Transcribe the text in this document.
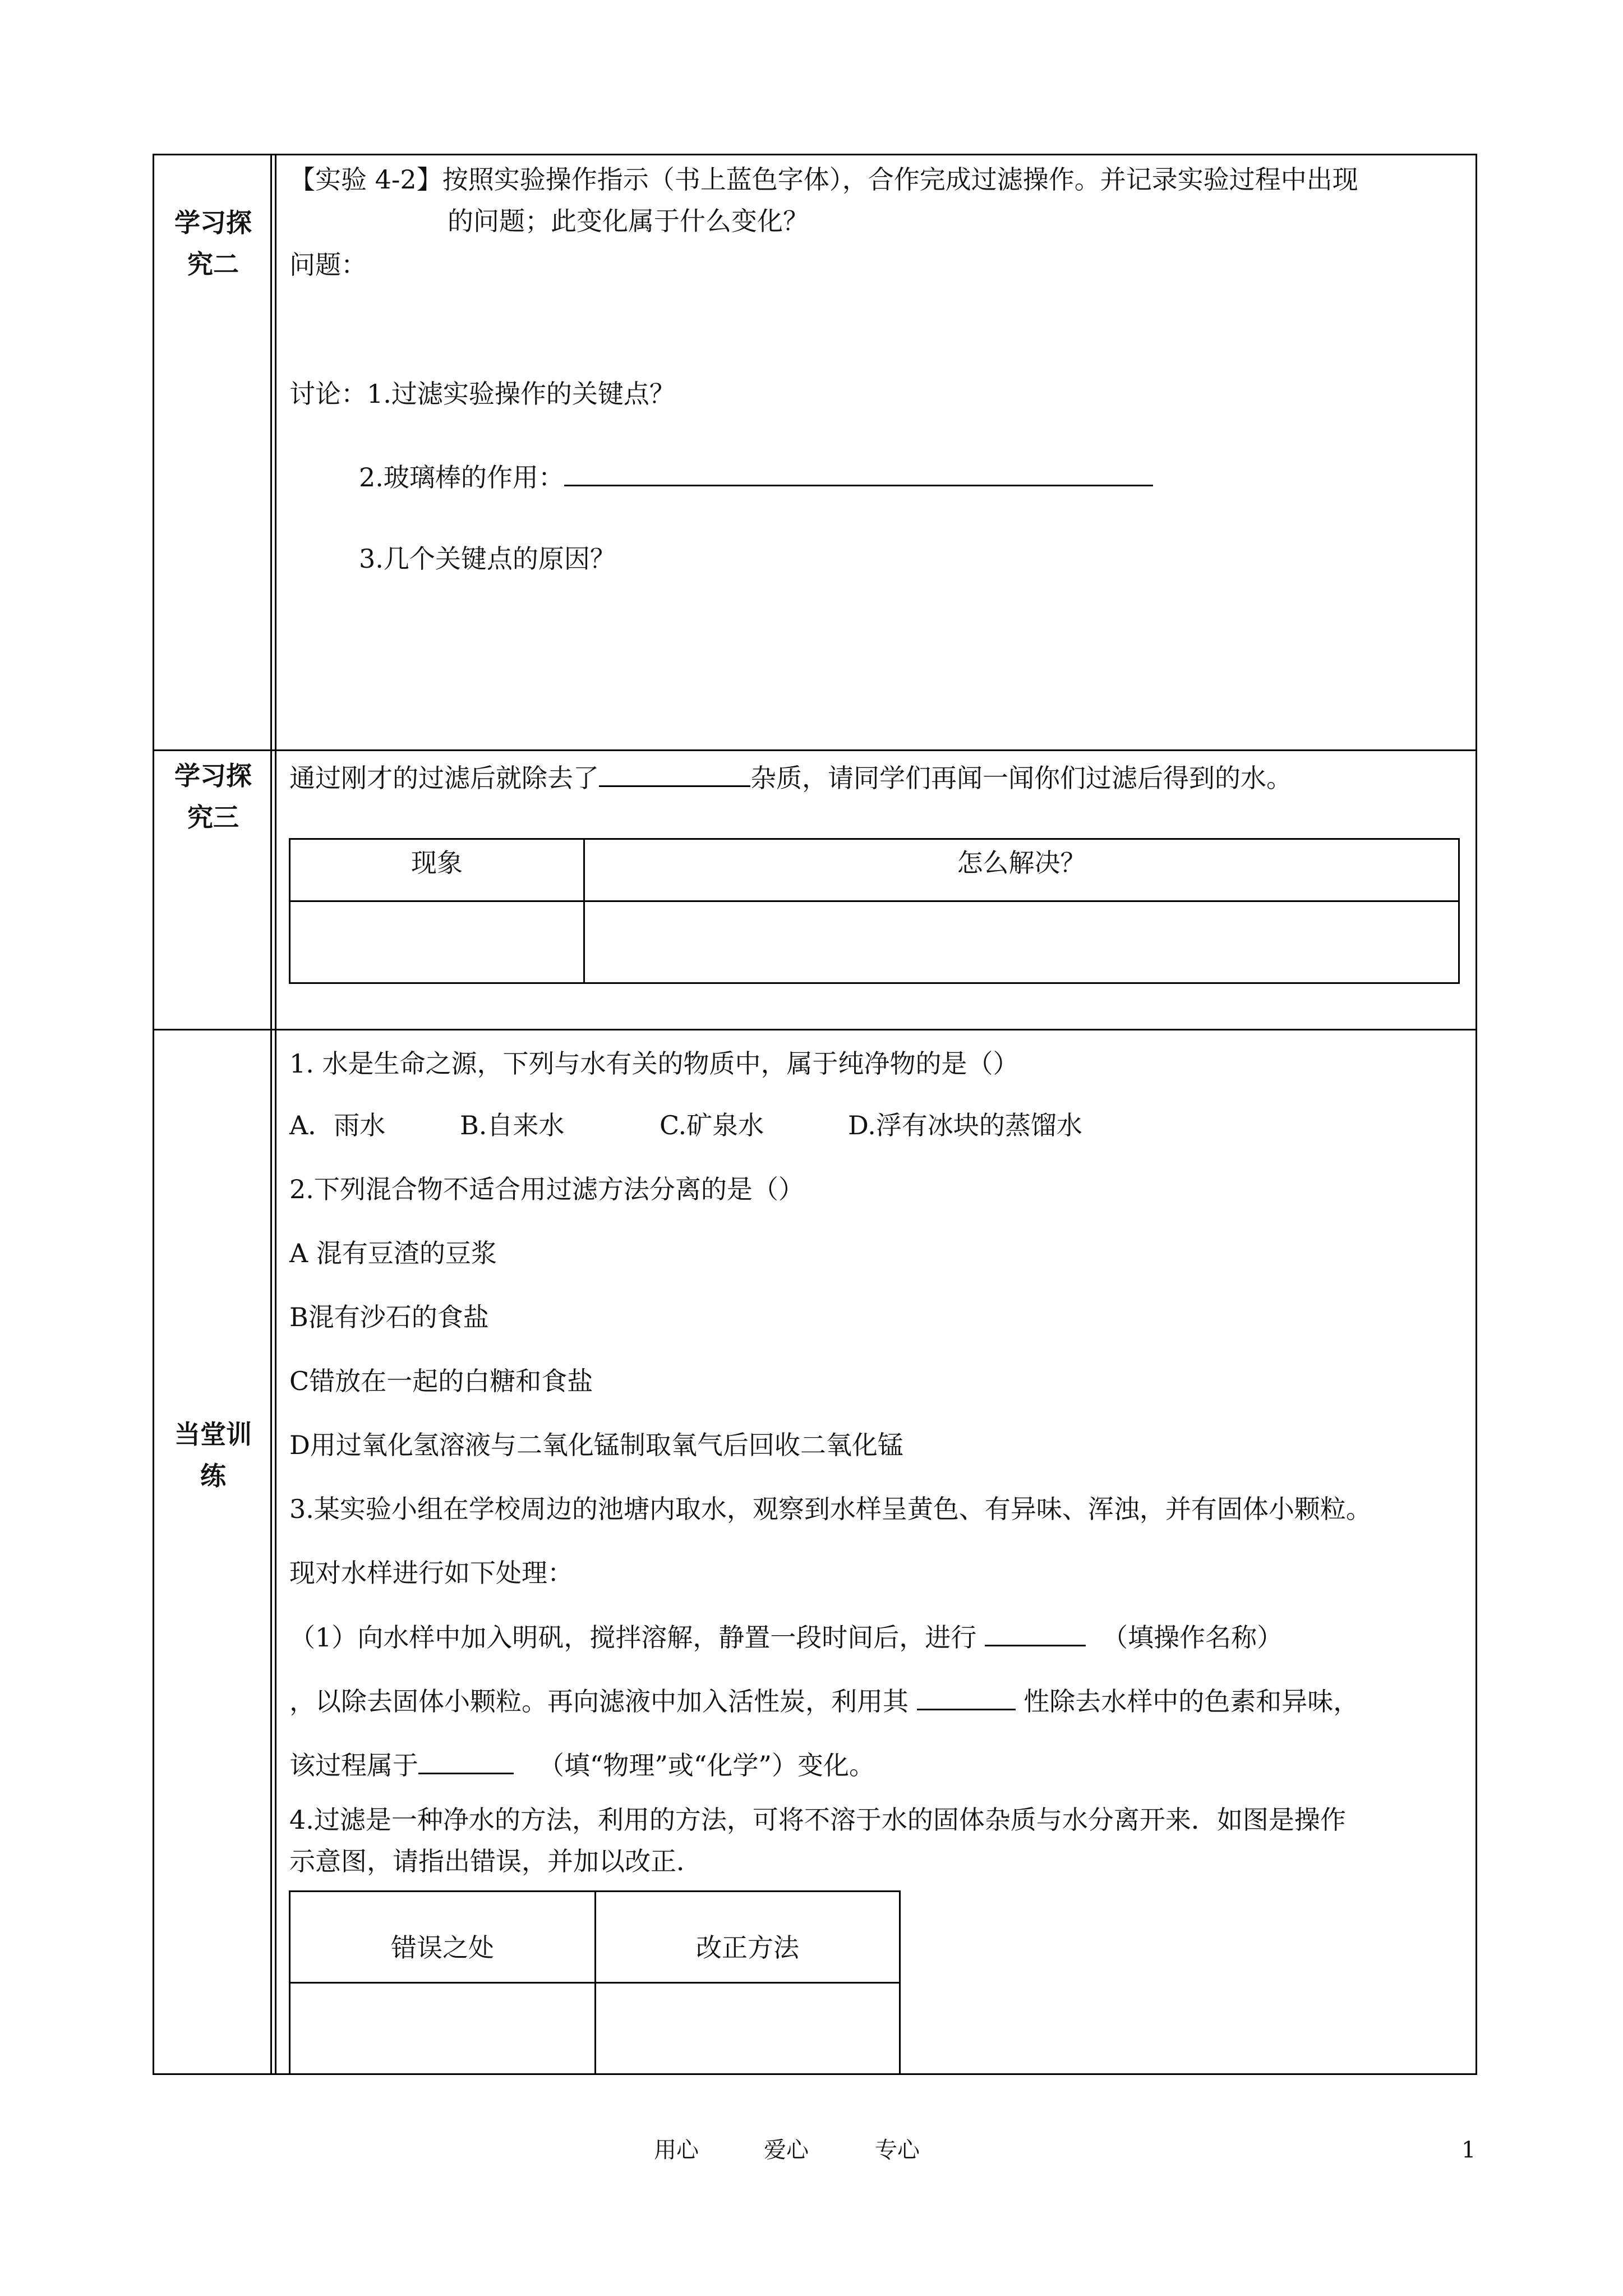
学习探
究二
【实验 4-2】按照实验操作指示（书上蓝色字体），合作完成过滤操作。并记录实验过程中出现
的问题；此变化属于什么变化？
问题：
讨论：1.过滤实验操作的关键点？
2.玻璃棒的作用：
3.几个关键点的原因？
学习探
究三
通过刚才的过滤后就除去了	杂质，请同学们再闻一闻你们过滤后得到的水。
现象	怎么解决？
当堂训
练
1. 水是生命之源，下列与水有关的物质中，属于纯净物的是（）
A．雨水	B.自来水	C.矿泉水	D.浮有冰块的蒸馏水
2.下列混合物不适合用过滤方法分离的是（）
A 混有豆渣的豆浆
B混有沙石的食盐
C错放在一起的白糖和食盐
D用过氧化氢溶液与二氧化锰制取氧气后回收二氧化锰
3.某实验小组在学校周边的池塘内取水，观察到水样呈黄色、有异味、浑浊，并有固体小颗粒。
现对水样进行如下处理：
（1）向水样中加入明矾，搅拌溶解，静置一段时间后，进行	（填操作名称）
，以除去固体小颗粒。再向滤液中加入活性炭，利用其	性除去水样中的色素和异味，
该过程属于	（填“物理”或“化学”）变化。
4.过滤是一种净水的方法，利用的方法，可将不溶于水的固体杂质与水分离开来．如图是操作
示意图，请指出错误，并加以改正．
错误之处	改正方法
用心	爱心	专心	1
